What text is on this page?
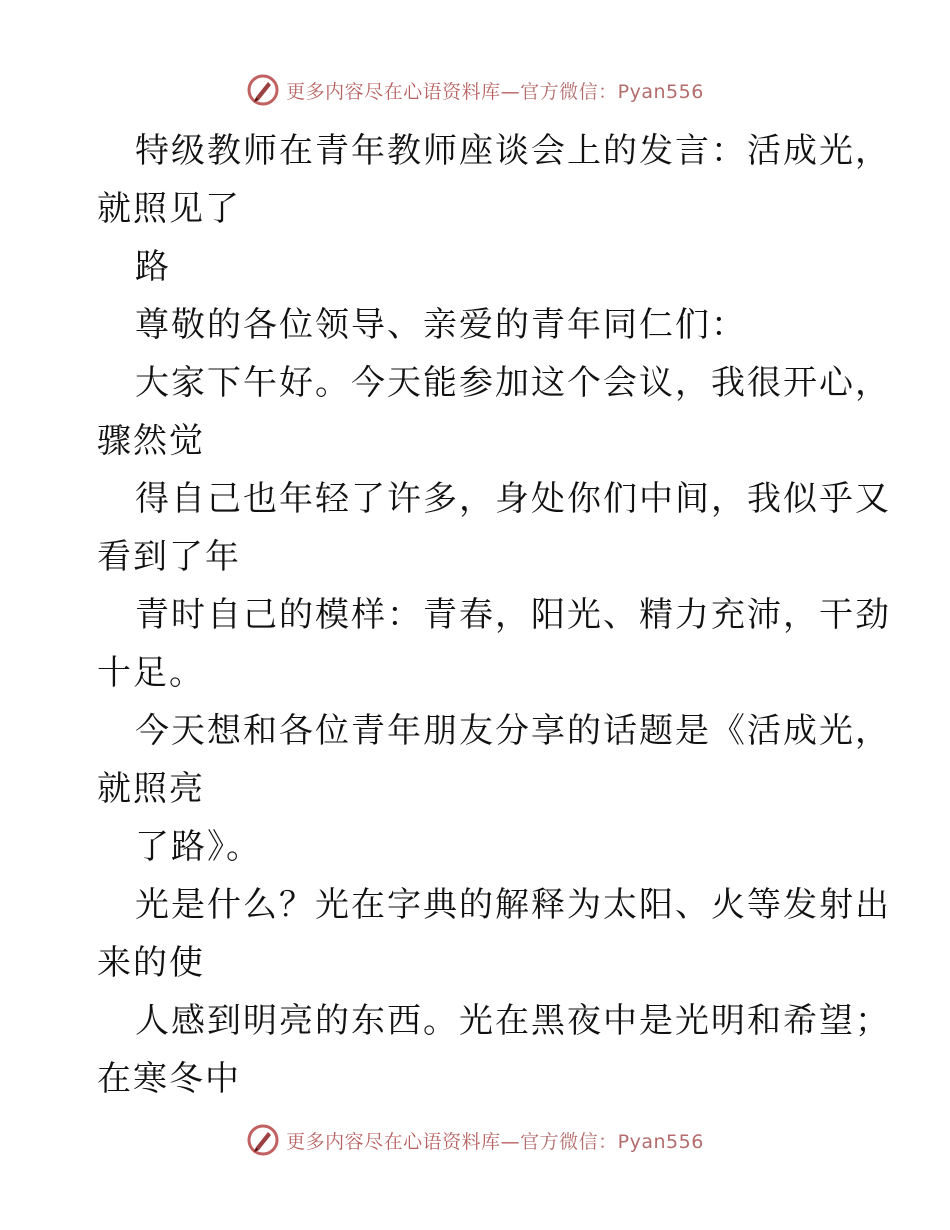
更多内容尽在心语资料库—官方微信：Pyan556
特级教师在青年教师座谈会上的发言：活成光，
就照见了
路
尊敬的各位领导、亲爱的青年同仁们：
大家下午好。今天能参加这个会议，我很开心，
骤然觉
得自己也年轻了许多，身处你们中间，我似乎又
看到了年
青时自己的模样：青春，阳光、精力充沛，干劲
十足。
今天想和各位青年朋友分享的话题是《活成光，
就照亮
了路》。
光是什么？光在字典的解释为太阳、火等发射出
来的使
人感到明亮的东西。光在黑夜中是光明和希望；
在寒冬中
更多内容尽在心语资料库—官方微信：Pyan556
